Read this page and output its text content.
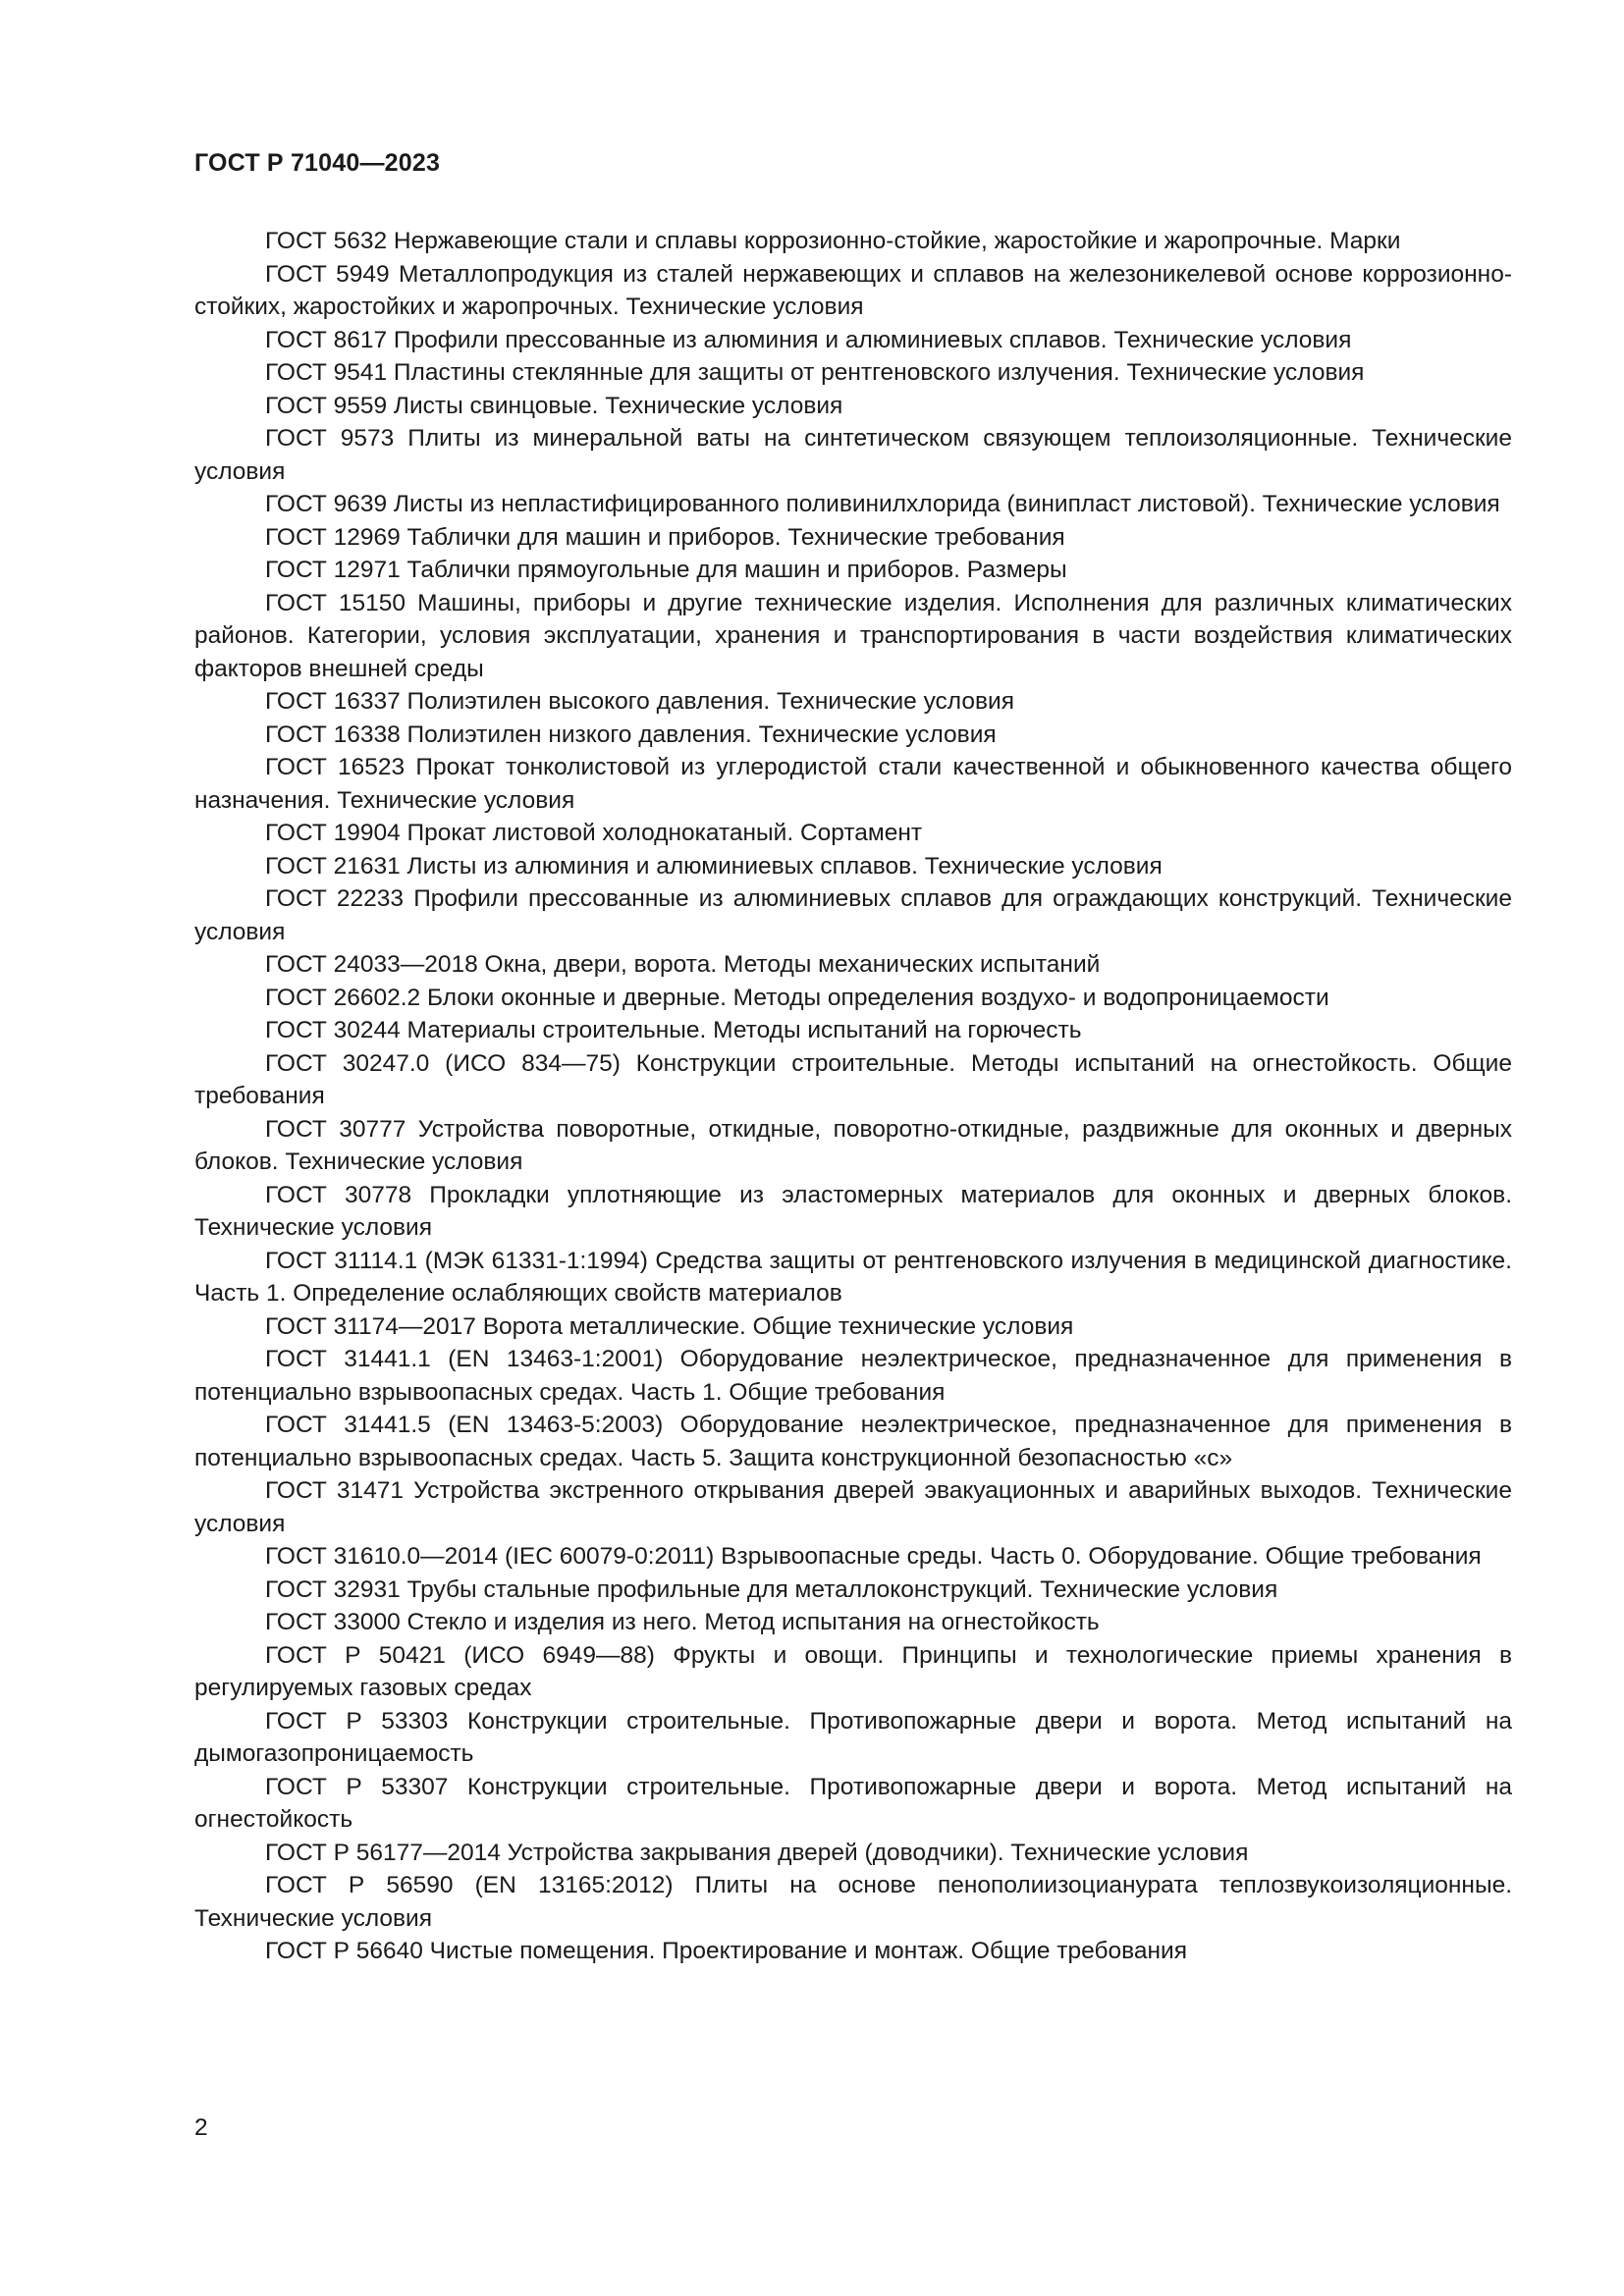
ГОСТ Р 71040—2023

ГОСТ 5632 Нержавеющие стали и сплавы коррозионно-стойкие, жаростойкие и жаропрочные. Марки

ГОСТ 5949 Металлопродукция из сталей нержавеющих и сплавов на железоникелевой основе коррозионно-стойких, жаростойких и жаропрочных. Технические условия

ГОСТ 8617 Профили прессованные из алюминия и алюминиевых сплавов. Технические условия

ГОСТ 9541 Пластины стеклянные для защиты от рентгеновского излучения. Технические условия

ГОСТ 9559 Листы свинцовые. Технические условия

ГОСТ 9573 Плиты из минеральной ваты на синтетическом связующем теплоизоляционные. Технические условия

ГОСТ 9639 Листы из непластифицированного поливинилхлорида (винипласт листовой). Технические условия

ГОСТ 12969 Таблички для машин и приборов. Технические требования

ГОСТ 12971 Таблички прямоугольные для машин и приборов. Размеры

ГОСТ 15150 Машины, приборы и другие технические изделия. Исполнения для различных климатических районов. Категории, условия эксплуатации, хранения и транспортирования в части воздействия климатических факторов внешней среды

ГОСТ 16337 Полиэтилен высокого давления. Технические условия

ГОСТ 16338 Полиэтилен низкого давления. Технические условия

ГОСТ 16523 Прокат тонколистовой из углеродистой стали качественной и обыкновенного качества общего назначения. Технические условия

ГОСТ 19904 Прокат листовой холоднокатаный. Сортамент

ГОСТ 21631 Листы из алюминия и алюминиевых сплавов. Технические условия

ГОСТ 22233 Профили прессованные из алюминиевых сплавов для ограждающих конструкций. Технические условия

ГОСТ 24033—2018 Окна, двери, ворота. Методы механических испытаний

ГОСТ 26602.2 Блоки оконные и дверные. Методы определения воздухо- и водопроницаемости

ГОСТ 30244 Материалы строительные. Методы испытаний на горючесть

ГОСТ 30247.0 (ИСО 834—75) Конструкции строительные. Методы испытаний на огнестойкость. Общие требования

ГОСТ 30777 Устройства поворотные, откидные, поворотно-откидные, раздвижные для оконных и дверных блоков. Технические условия

ГОСТ 30778 Прокладки уплотняющие из эластомерных материалов для оконных и дверных блоков. Технические условия

ГОСТ 31114.1 (МЭК 61331-1:1994) Средства защиты от рентгеновского излучения в медицинской диагностике. Часть 1. Определение ослабляющих свойств материалов

ГОСТ 31174—2017 Ворота металлические. Общие технические условия

ГОСТ 31441.1 (EN 13463-1:2001) Оборудование неэлектрическое, предназначенное для применения в потенциально взрывоопасных средах. Часть 1. Общие требования

ГОСТ 31441.5 (EN 13463-5:2003) Оборудование неэлектрическое, предназначенное для применения в потенциально взрывоопасных средах. Часть 5. Защита конструкционной безопасностью «с»

ГОСТ 31471 Устройства экстренного открывания дверей эвакуационных и аварийных выходов. Технические условия

ГОСТ 31610.0—2014 (IEC 60079-0:2011) Взрывоопасные среды. Часть 0. Оборудование. Общие требования

ГОСТ 32931 Трубы стальные профильные для металлоконструкций. Технические условия

ГОСТ 33000 Стекло и изделия из него. Метод испытания на огнестойкость

ГОСТ Р 50421 (ИСО 6949—88) Фрукты и овощи. Принципы и технологические приемы хранения в регулируемых газовых средах

ГОСТ Р 53303 Конструкции строительные. Противопожарные двери и ворота. Метод испытаний на дымогазопроницаемость

ГОСТ Р 53307 Конструкции строительные. Противопожарные двери и ворота. Метод испытаний на огнестойкость

ГОСТ Р 56177—2014 Устройства закрывания дверей (доводчики). Технические условия

ГОСТ Р 56590 (EN 13165:2012) Плиты на основе пенополиизоцианурата теплозвукоизоляционные. Технические условия

ГОСТ Р 56640 Чистые помещения. Проектирование и монтаж. Общие требования

2
